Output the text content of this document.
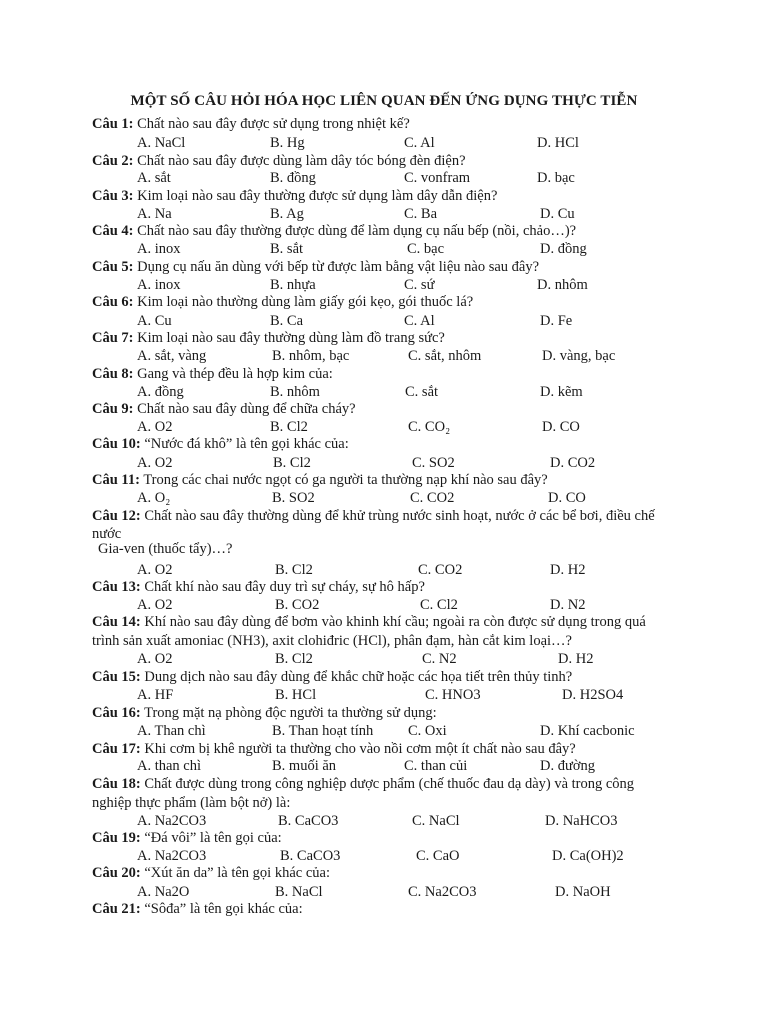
MỘT SỐ CÂU HỎI HÓA HỌC LIÊN QUAN ĐẾN ỨNG DỤNG THỰC TIỄN
Câu 1: Chất nào sau đây được sử dụng trong nhiệt kế?
A. NaCl	B. Hg	C. Al	D. HCl
Câu 2: Chất nào sau đây được dùng làm dây tóc bóng đèn điện?
A. sắt	B. đồng	C. vonfram	D. bạc
Câu 3: Kim loại nào sau đây thường được sử dụng làm dây dẫn điện?
A. Na	B. Ag	C. Ba	D. Cu
Câu 4: Chất nào sau đây thường được dùng để làm dụng cụ nấu bếp (nồi, chảo…)?
A. inox	B. sắt	C. bạc	D. đồng
Câu 5: Dụng cụ nấu ăn dùng với bếp từ được làm bằng vật liệu nào sau đây?
A. inox	B. nhựa	C. sứ	D. nhôm
Câu 6: Kim loại nào thường dùng làm giấy gói kẹo, gói thuốc lá?
A. Cu	B. Ca	C. Al	D. Fe
Câu 7: Kim loại nào sau đây thường dùng làm đồ trang sức?
A. sắt, vàng	B. nhôm, bạc	C. sắt, nhôm	D. vàng, bạc
Câu 8: Gang và thép đều là hợp kim của:
A. đồng	B. nhôm	C. sắt	D. kẽm
Câu 9: Chất nào sau đây dùng để chữa cháy?
A. O2	B. Cl2	C. CO₂	D. CO
Câu 10: “Nước đá khô” là tên gọi khác của:
A. O2	B. Cl2	C. SO2	D. CO2
Câu 11: Trong các chai nước ngọt có ga người ta thường nạp khí nào sau đây?
A. O₂	B. SO2	C. CO2	D. CO
Câu 12: Chất nào sau đây thường dùng để khử trùng nước sinh hoạt, nước ở các bể bơi, điều chế
nước
Gia-ven (thuốc tẩy)…?
A. O2	B. Cl2	C. CO2	D. H2
Câu 13: Chất khí nào sau đây duy trì sự cháy, sự hô hấp?
A. O2	B. CO2	C. Cl2	D. N2
Câu 14: Khí nào sau đây dùng để bơm vào khinh khí cầu; ngoài ra còn được sử dụng trong quá
trình sản xuất amoniac (NH3), axit clohiđric (HCl), phân đạm, hàn cắt kim loại…?
A. O2	B. Cl2	C. N2	D. H2
Câu 15: Dung dịch nào sau đây dùng để khắc chữ hoặc các họa tiết trên thủy tinh?
A. HF	B. HCl	C. HNO3	D. H2SO4
Câu 16: Trong mặt nạ phòng độc người ta thường sử dụng:
A. Than chì	B. Than hoạt tính C. Oxi	D. Khí cacbonic
Câu 17: Khi cơm bị khê người ta thường cho vào nồi cơm một ít chất nào sau đây?
A. than chì	B. muối ăn	C. than củi	D. đường
Câu 18: Chất được dùng trong công nghiệp dược phẩm (chế thuốc đau dạ dày) và trong công
nghiệp thực phẩm (làm bột nở) là:
A. Na2CO3	B. CaCO3	C. NaCl	D. NaHCO3
Câu 19: “Đá vôi” là tên gọi của:
A. Na2CO3	B. CaCO3	C. CaO	D. Ca(OH)2
Câu 20: “Xút ăn da” là tên gọi khác của:
A. Na2O	B. NaCl	C. Na2CO3	D. NaOH
Câu 21: “Sôđa” là tên gọi khác của:
